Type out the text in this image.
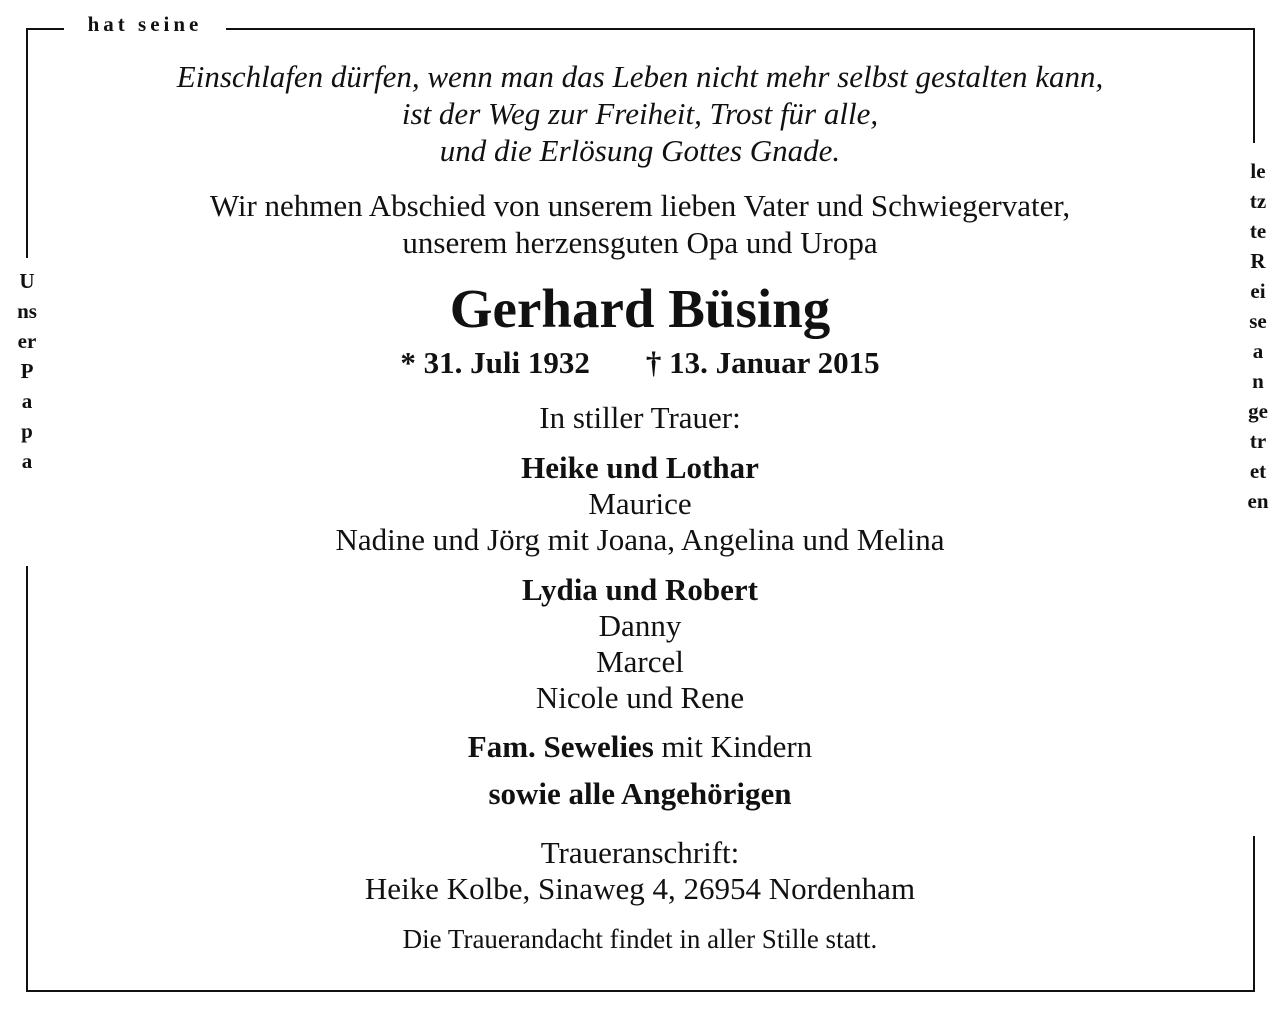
hat seine
Unser Papa
letzte Reise angetreten

Einschlafen dürfen, wenn man das Leben nicht mehr selbst gestalten kann,
ist der Weg zur Freiheit, Trost für alle,
und die Erlösung Gottes Gnade.

Wir nehmen Abschied von unserem lieben Vater und Schwiegervater,
unserem herzensguten Opa und Uropa

Gerhard Büsing
* 31. Juli 1932 † 13. Januar 2015
In stiller Trauer:
Heike und Lothar
Maurice
Nadine und Jörg mit Joana, Angelina und Melina
Lydia und Robert
Danny
Marcel
Nicole und Rene
Fam. Sewelies mit Kindern
sowie alle Angehörigen
Traueranschrift:
Heike Kolbe, Sinaweg 4, 26954 Nordenham
Die Trauerandacht findet in aller Stille statt.
